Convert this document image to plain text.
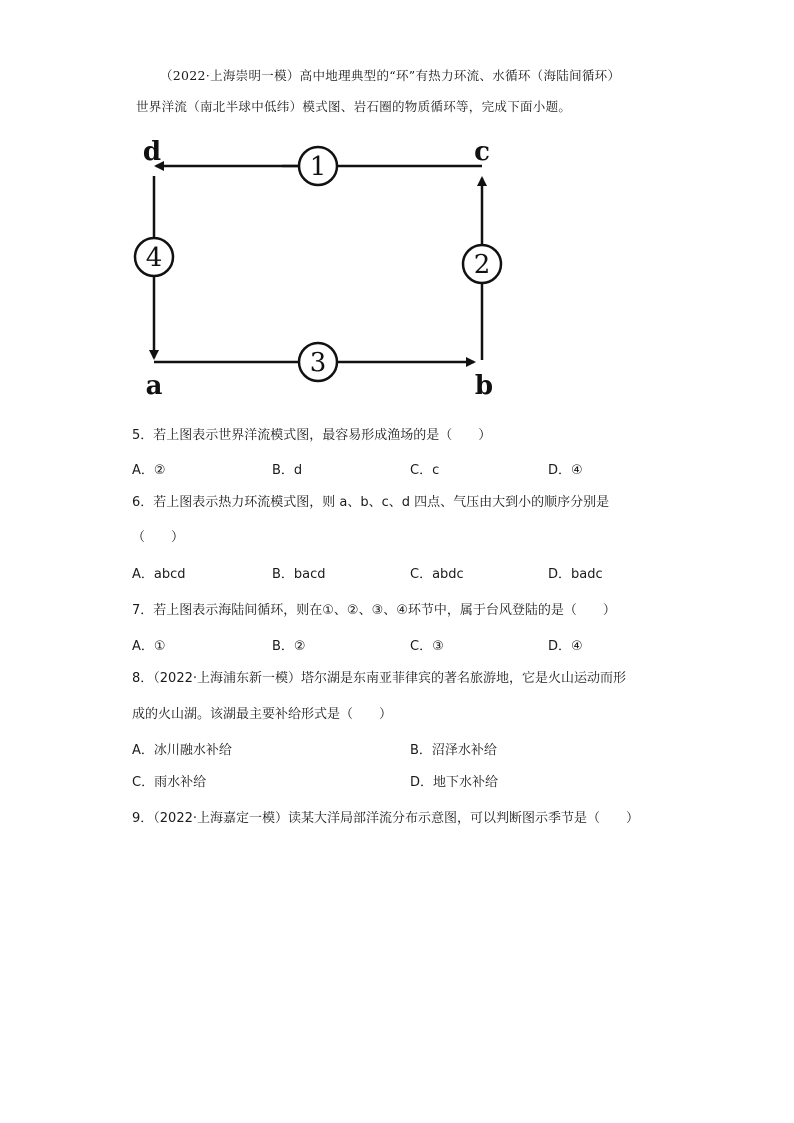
（2022·上海崇明一模）高中地理典型的“环”有热力环流、水循环（海陆间循环）
世界洋流（南北半球中低纬）模式图、岩石圈的物质循环等，完成下面小题。
1
2
3
4
d	c
a	b
5．若上图表示世界洋流模式图，最容易形成渔场的是（　　）
A．②	B．d	C．c	D．④
6．若上图表示热力环流模式图，则 a、b、c、d 四点、气压由大到小的顺序分别是
（　　）
A．abcd	B．bacd	C．abdc	D．badc
7．若上图表示海陆间循环，则在①、②、③、④环节中，属于台风登陆的是（　　）
A．①	B．②	C．③	D．④
8．（2022·上海浦东新一模）塔尔湖是东南亚菲律宾的著名旅游地，它是火山运动而形
成的火山湖。该湖最主要补给形式是（　　）
A．冰川融水补给	B．沼泽水补给
C．雨水补给	D．地下水补给
9．（2022·上海嘉定一模）读某大洋局部洋流分布示意图，可以判断图示季节是（　　）
